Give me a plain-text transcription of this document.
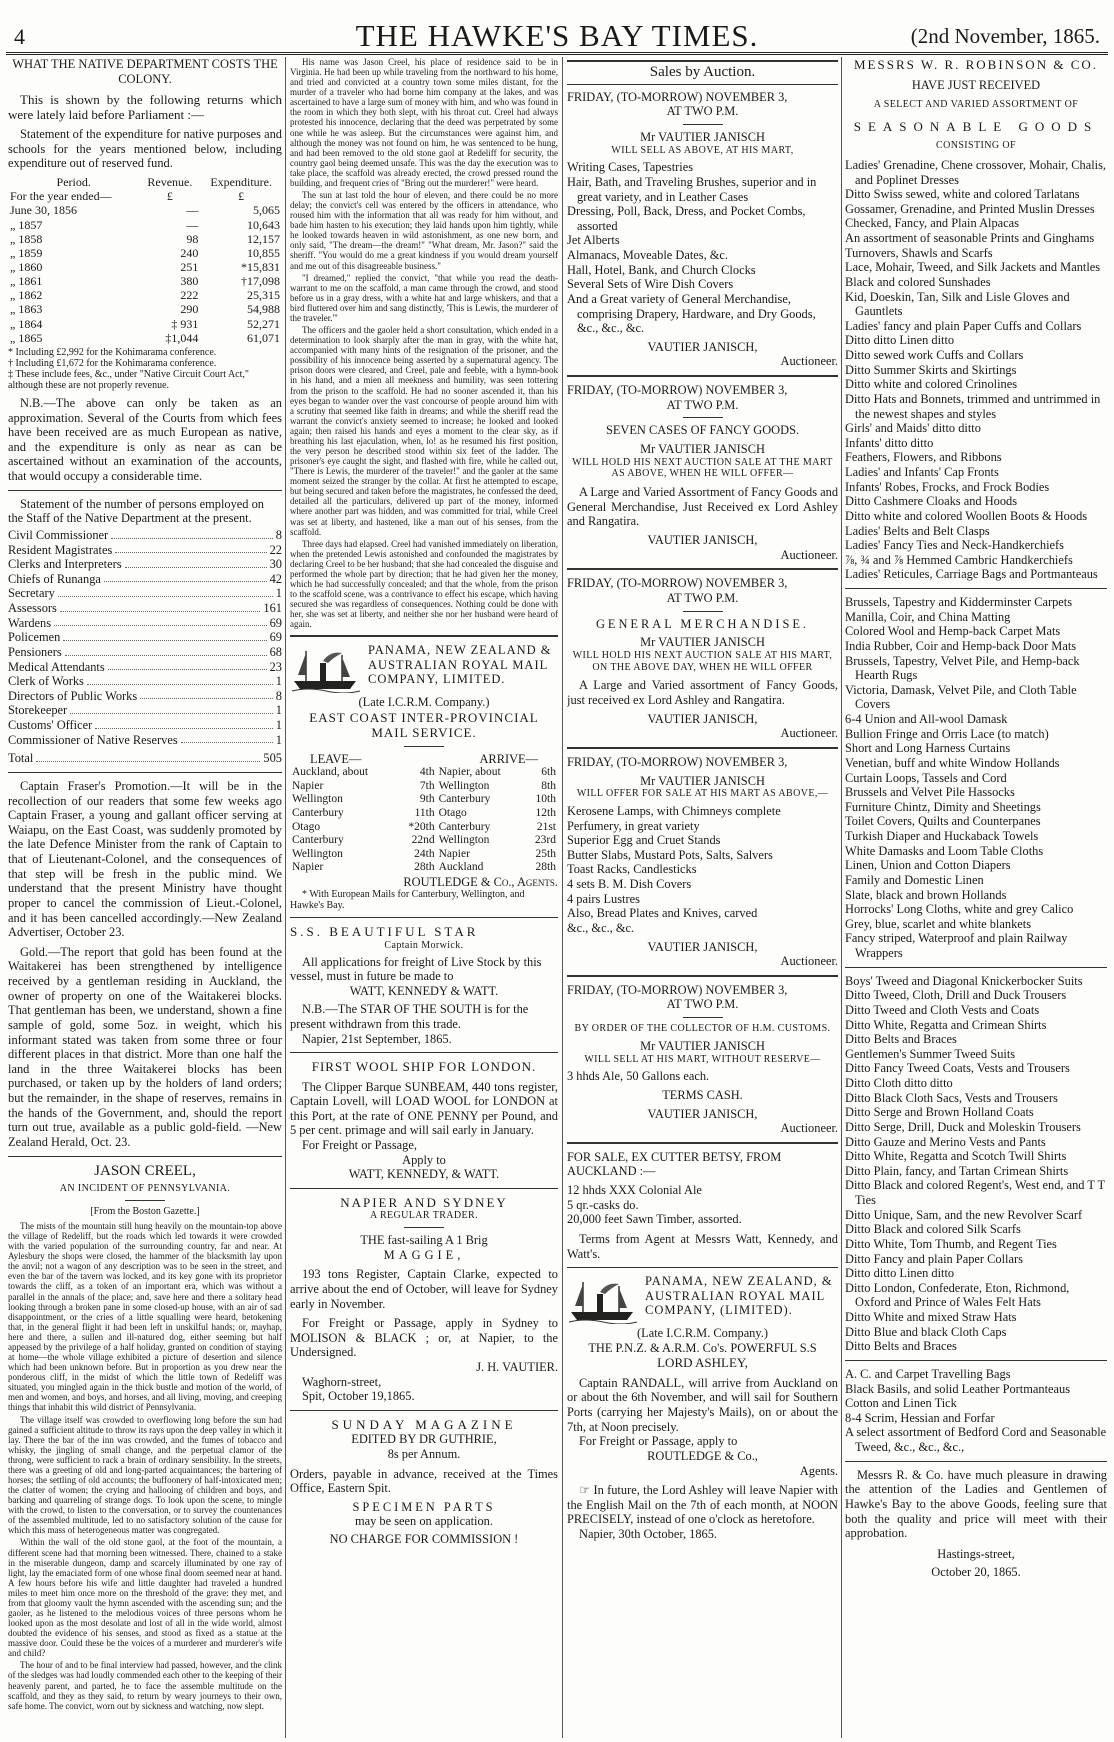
4	THE HAWKE'S BAY TIMES.	(2nd November, 1865.
WHAT THE NATIVE DEPARTMENT COSTS THE COLONY.
This is shown by the following returns which were lately laid before Parliament :—
Statement of the expenditure for native purposes and schools for the years mentioned below, including expenditure out of reserved fund.
Period.	Revenue.	Expenditure.
For the year ended—	£	£
June 30, 1856	—	5,065
„ 1857	—	10,643
„ 1858	98	12,157
„ 1859	240	10,855
„ 1860	251	*15,831
„ 1861	380	†17,098
„ 1862	222	25,315
„ 1863	290	54,988
„ 1864	‡ 931	52,271
„ 1865	‡1,044	61,071
* Including £2,992 for the Kohimarama conference.
† Including £1,672 for the Kohimarama conference.
‡ These include fees, &c., under "Native Circuit Court Act," although these are not properly revenue.
N.B.—The above can only be taken as an approximation. Several of the Courts from which fees have been received are as much European as native, and the expenditure is only as near as can be ascertained without an examination of the accounts, that would occupy a considerable time.
Statement of the number of persons employed on the Staff of the Native Department at the present.
Civil Commissioner	8
Resident Magistrates	22
Clerks and Interpreters	30
Chiefs of Runanga	42
Secretary	1
Assessors	161
Wardens	69
Policemen	69
Pensioners	68
Medical Attendants	23
Clerk of Works	1
Directors of Public Works	8
Storekeeper	1
Customs' Officer	1
Commissioner of Native Reserves	1
Total	505
Captain Fraser's Promotion.—It will be in the recollection of our readers that some few weeks ago Captain Fraser, a young and gallant officer serving at Waiapu, on the East Coast, was suddenly promoted by the late Defence Minister from the rank of Captain to that of Lieutenant-Colonel, and the consequences of that step will be fresh in the public mind. We understand that the present Ministry have thought proper to cancel the commission of Lieut.-Colonel, and it has been cancelled accordingly.—New Zealand Advertiser, October 23.
Gold.—The report that gold has been found at the Waitakerei has been strengthened by intelligence received by a gentleman residing in Auckland, the owner of property on one of the Waitakerei blocks. That gentleman has been, we understand, shown a fine sample of gold, some 5oz. in weight, which his informant stated was taken from some three or four different places in that district. More than one half the land in the three Waitakerei blocks has been purchased, or taken up by the holders of land orders; but the remainder, in the shape of reserves, remains in the hands of the Government, and, should the report turn out true, available as a public gold-field. —New Zealand Herald, Oct. 23.
JASON CREEL,
AN INCIDENT OF PENNSYLVANIA.
[From the Boston Gazette.]
The mists of the mountain still hung heavily on the mountain-top above the village of Redeliff, but the roads which led towards it were crowded with the varied population of the surrounding country, far and near. At Aylesbury the shops were closed, the hammer of the blacksmith lay upon the anvil; not a wagon of any description was to be seen in the street, and even the bar of the tavern was locked, and its key gone with its proprietor towards the cliff, as a token of an important era, which was without a parallel in the annals of the place; and, save here and there a solitary head looking through a broken pane in some closed-up house, with an air of sad disappointment, or the cries of a little squalling were heard, betokening that, in the general flight it had been left in unskilful hands; or, mayhap, here and there, a sullen and ill-natured dog, either seeming but half appeased by the privilege of a half holiday, granted on condition of staying at home—the whole village exhibited a picture of desertion and silence which had been unknown before. But in proportion as you drew near the ponderous cliff, in the midst of which the little town of Redeliff was situated, you mingled again in the thick bustle and motion of the world, of men and women, and boys, and horses, and all living, moving, and creeping things that inhabit this wild district of Pennsylvania.
The village itself was crowded to overflowing long before the sun had gained a sufficient altitude to throw its rays upon the deep valley in which it lay. There the bar of the inn was crowded, and the fumes of tobacco and whisky, the jingling of small change, and the perpetual clamor of the throng, were sufficient to rack a brain of ordinary sensibility. In the streets, there was a greeting of old and long-parted acquaintances; the bartering of horses; the settling of old accounts; the buffoonery of half-intoxicated men; the clatter of women; the crying and hallooing of children and boys, and barking and quarreling of strange dogs. To look upon the scene, to mingle with the crowd, to listen to the conversation, or to survey the countenances of the assembled multitude, led to no satisfactory solution of the cause for which this mass of heterogeneous matter was congregated.
Within the wall of the old stone gaol, at the foot of the mountain, a different scene had that morning been witnessed. There, chained to a stake in the miserable dungeon, damp and scarcely illuminated by one ray of light, lay the emaciated form of one whose final doom seemed near at hand. A few hours before his wife and little daughter had traveled a hundred miles to meet him once more on the threshold of the grave: they met, and from that gloomy vault the hymn ascended with the ascending sun; and the gaoler, as he listened to the melodious voices of three persons whom he looked upon as the most desolate and lost of all in the wide world, almost doubted the evidence of his senses, and stood as fixed as a statue at the massive door. Could these be the voices of a murderer and murderer's wife and child?
The hour of and to be final interview had passed, however, and the clink of the sledges was had loudly commended each other to the keeping of their heavenly parent, and parted, he to face the assemble multitude on the scaffold, and they as they said, to return by weary journeys to their own, safe home. The convict, worn out by sickness and watching, now slept.
His name was Jason Creel, his place of residence said to be in Virginia. He had been up while traveling from the northward to his home, and tried and convicted at a country town some miles distant, for the murder of a traveler who had borne him company at the lakes, and was ascertained to have a large sum of money with him, and who was found in the room in which they both slept, with his throat cut. Creel had always protested his innocence, declaring that the deed was perpetrated by some one while he was asleep. But the circumstances were against him, and although the money was not found on him, he was sentenced to be hung, and had been removed to the old stone gaol at Redeliff for security, the country gaol being deemed unsafe. This was the day the execution was to take place, the scaffold was already erected, the crowd pressed round the building, and frequent cries of "Bring out the murderer!" were heard.
The sun at last told the hour of eleven, and there could be no more delay; the convict's cell was entered by the officers in attendance, who roused him with the information that all was ready for him without, and bade him hasten to his execution; they laid hands upon him tightly, while he looked towards heaven in wild astonishment, as one new born, and only said, "The dream—the dream!" "What dream, Mr. Jason?" said the sheriff. "You would do me a great kindness if you would dream yourself and me out of this disagreeable business."
"I dreamed," replied the convict, "that while you read the death-warrant to me on the scaffold, a man came through the crowd, and stood before us in a gray dress, with a white hat and large whiskers, and that a bird fluttered over him and sang distinctly, 'This is Lewis, the murderer of the traveler.'"
The officers and the gaoler held a short consultation, which ended in a determination to look sharply after the man in gray, with the white hat, accompanied with many hints of the resignation of the prisoner, and the possibility of his innocence being asserted by a supernatural agency. The prison doors were cleared, and Creel, pale and feeble, with a hymn-book in his hand, and a mien all meekness and humility, was seen tottering from the prison to the scaffold. He had no sooner ascended it, than his eyes began to wander over the vast concourse of people around him with a scrutiny that seemed like faith in dreams; and while the sheriff read the warrant the convict's anxiety seemed to increase; he looked and looked again; then raised his hands and eyes a moment to the clear sky, as if breathing his last ejaculation, when, lo! as he resumed his first position, the very person he described stood within six feet of the ladder. The prisoner's eye caught the sight, and flashed with fire, while he called out, "There is Lewis, the murderer of the traveler!" and the gaoler at the same moment seized the stranger by the collar. At first he attempted to escape, but being secured and taken before the magistrates, he confessed the deed, detailed all the particulars, delivered up part of the money, informed where another part was hidden, and was committed for trial, while Creel was set at liberty, and hastened, like a man out of his senses, from the scaffold.
Three days had elapsed. Creel had vanished immediately on liberation, when the pretended Lewis astonished and confounded the magistrates by declaring Creel to be her husband; that she had concealed the disguise and performed the whole part by direction; that he had given her the money, which he had successfully concealed; and that the whole, from the prison to the scaffold scene, was a contrivance to effect his escape, which having secured she was regardless of consequences. Nothing could be done with her, she was set at liberty, and neither she nor her husband were heard of again.
PANAMA, NEW ZEALAND & AUSTRALIAN ROYAL MAIL COMPANY, LIMITED.
(Late I.C.R.M. Company.)
EAST COAST INTER-PROVINCIAL MAIL SERVICE.
LEAVE—	ARRIVE—
Auckland, about	4th	Napier, about	6th
Napier	7th	Wellington	8th
Wellington	9th	Canterbury	10th
Canterbury	11th	Otago	12th
Otago	*20th	Canterbury	21st
Canterbury	22nd	Wellington	23rd
Wellington	24th	Napier	25th
Napier	28th	Auckland	28th
ROUTLEDGE & Co., Agents.
* With European Mails for Canterbury, Wellington, and Hawke's Bay.
S.S. BEAUTIFUL STAR
Captain Morwick.
All applications for freight of Live Stock by this vessel, must in future be made to
WATT, KENNEDY & WATT.
N.B.—The STAR OF THE SOUTH is for the present withdrawn from this trade.
Napier, 21st September, 1865.
FIRST WOOL SHIP FOR LONDON.
The Clipper Barque SUNBEAM, 440 tons register, Captain Lovell, will LOAD WOOL for LONDON at this Port, at the rate of ONE PENNY per Pound, and 5 per cent. primage and will sail early in January.
For Freight or Passage,
Apply to
WATT, KENNEDY, & WATT.
NAPIER AND SYDNEY
A REGULAR TRADER.
THE fast-sailing A 1 Brig
MAGGIE,
193 tons Register, Captain Clarke, expected to arrive about the end of October, will leave for Sydney early in November.
For Freight or Passage, apply in Sydney to MOLISON & BLACK ; or, at Napier, to the Undersigned.
J. H. VAUTIER.
Waghorn-street,
Spit, October 19,1865.
SUNDAY MAGAZINE
EDITED BY DR GUTHRIE,
8s per Annum.
Orders, payable in advance, received at the Times Office, Eastern Spit.
SPECIMEN PARTS
may be seen on application.
NO CHARGE FOR COMMISSION !
Sales by Auction.
FRIDAY, (TO-MORROW) NOVEMBER 3,
AT TWO P.M.
Mr VAUTIER JANISCH
WILL SELL AS ABOVE, AT HIS MART,
Writing Cases, Tapestries
Hair, Bath, and Traveling Brushes, superior and in great variety, and in Leather Cases
Dressing, Poll, Back, Dress, and Pocket Combs, assorted
Jet Alberts
Almanacs, Moveable Dates, &c.
Hall, Hotel, Bank, and Church Clocks
Several Sets of Wire Dish Covers
And a Great variety of General Merchandise, comprising Drapery, Hardware, and Dry Goods, &c., &c., &c.
VAUTIER JANISCH,
Auctioneer.
FRIDAY, (TO-MORROW) NOVEMBER 3,
AT TWO P.M.
SEVEN CASES OF FANCY GOODS.
Mr VAUTIER JANISCH
WILL HOLD HIS NEXT AUCTION SALE AT THE MART AS ABOVE, WHEN HE WILL OFFER—
A Large and Varied Assortment of Fancy Goods and General Merchandise, Just Received ex Lord Ashley and Rangatira.
VAUTIER JANISCH,
Auctioneer.
FRIDAY, (TO-MORROW) NOVEMBER 3,
AT TWO P.M.
GENERAL MERCHANDISE.
Mr VAUTIER JANISCH
WILL HOLD HIS NEXT AUCTION SALE AT HIS MART, ON THE ABOVE DAY, WHEN HE WILL OFFER
A Large and Varied assortment of Fancy Goods, just received ex Lord Ashley and Rangatira.
VAUTIER JANISCH,
Auctioneer.
FRIDAY, (TO-MORROW) NOVEMBER 3,
Mr VAUTIER JANISCH
WILL OFFER FOR SALE AT HIS MART AS ABOVE,—
Kerosene Lamps, with Chimneys complete
Perfumery, in great variety
Superior Egg and Cruet Stands
Butter Slabs, Mustard Pots, Salts, Salvers
Toast Racks, Candlesticks
4 sets B. M. Dish Covers
4 pairs Lustres
Also, Bread Plates and Knives, carved
&c., &c., &c.
VAUTIER JANISCH,
Auctioneer.
FRIDAY, (TO-MORROW) NOVEMBER 3,
AT TWO P.M.
BY ORDER OF THE COLLECTOR OF H.M. CUSTOMS.
Mr VAUTIER JANISCH
WILL SELL AT HIS MART, WITHOUT RESERVE—
3 hhds Ale, 50 Gallons each.
TERMS CASH.
VAUTIER JANISCH,
Auctioneer.
FOR SALE, EX CUTTER BETSY, FROM AUCKLAND :—
12 hhds XXX Colonial Ale
5 qr.-casks do.
20,000 feet Sawn Timber, assorted.
Terms from Agent at Messrs Watt, Kennedy, and Watt's.
PANAMA, NEW ZEALAND, & AUSTRALIAN ROYAL MAIL COMPANY, (LIMITED).
(Late I.C.R.M. Company.)
THE P.N.Z. & A.R.M. Co's. POWERFUL S.S
LORD ASHLEY,
Captain RANDALL, will arrive from Auckland on or about the 6th November, and will sail for Southern Ports (carrying her Majesty's Mails), on or about the 7th, at Noon precisely.
For Freight or Passage, apply to
ROUTLEDGE & Co.,
Agents.
☞ In future, the Lord Ashley will leave Napier with the English Mail on the 7th of each month, at NOON PRECISELY, instead of one o'clock as heretofore.
Napier, 30th October, 1865.
MESSRS W. R. ROBINSON & CO.
HAVE JUST RECEIVED
A SELECT AND VARIED ASSORTMENT OF
SEASONABLE GOODS
CONSISTING OF
Ladies' Grenadine, Chene crossover, Mohair, Chalis, and Poplinet Dresses
Ditto Swiss sewed, white and colored Tarlatans
Gossamer, Grenadine, and Printed Muslin Dresses
Checked, Fancy, and Plain Alpacas
An assortment of seasonable Prints and Ginghams
Turnovers, Shawls and Scarfs
Lace, Mohair, Tweed, and Silk Jackets and Mantles
Black and colored Sunshades
Kid, Doeskin, Tan, Silk and Lisle Gloves and Gauntlets
Ladies' fancy and plain Paper Cuffs and Collars
Ditto ditto Linen ditto
Ditto sewed work Cuffs and Collars
Ditto Summer Skirts and Skirtings
Ditto white and colored Crinolines
Ditto Hats and Bonnets, trimmed and untrimmed in the newest shapes and styles
Girls' and Maids' ditto ditto
Infants' ditto ditto
Feathers, Flowers, and Ribbons
Ladies' and Infants' Cap Fronts
Infants' Robes, Frocks, and Frock Bodies
Ditto Cashmere Cloaks and Hoods
Ditto white and colored Woollen Boots & Hoods
Ladies' Belts and Belt Clasps
Ladies' Fancy Ties and Neck-Handkerchiefs
⅞, ¾ and ⅞ Hemmed Cambric Handkerchiefs
Ladies' Reticules, Carriage Bags and Portmanteaus
Brussels, Tapestry and Kidderminster Carpets
Manilla, Coir, and China Matting
Colored Wool and Hemp-back Carpet Mats
India Rubber, Coir and Hemp-back Door Mats
Brussels, Tapestry, Velvet Pile, and Hemp-back Hearth Rugs
Victoria, Damask, Velvet Pile, and Cloth Table Covers
6-4 Union and All-wool Damask
Bullion Fringe and Orris Lace (to match)
Short and Long Harness Curtains
Venetian, buff and white Window Hollands
Curtain Loops, Tassels and Cord
Brussels and Velvet Pile Hassocks
Furniture Chintz, Dimity and Sheetings
Toilet Covers, Quilts and Counterpanes
Turkish Diaper and Huckaback Towels
White Damasks and Loom Table Cloths
Linen, Union and Cotton Diapers
Family and Domestic Linen
Slate, black and brown Hollands
Horrocks' Long Cloths, white and grey Calico
Grey, blue, scarlet and white blankets
Fancy striped, Waterproof and plain Railway Wrappers
Boys' Tweed and Diagonal Knickerbocker Suits
Ditto Tweed, Cloth, Drill and Duck Trousers
Ditto Tweed and Cloth Vests and Coats
Ditto White, Regatta and Crimean Shirts
Ditto Belts and Braces
Gentlemen's Summer Tweed Suits
Ditto Fancy Tweed Coats, Vests and Trousers
Ditto Cloth ditto ditto
Ditto Black Cloth Sacs, Vests and Trousers
Ditto Serge and Brown Holland Coats
Ditto Serge, Drill, Duck and Moleskin Trousers
Ditto Gauze and Merino Vests and Pants
Ditto White, Regatta and Scotch Twill Shirts
Ditto Plain, fancy, and Tartan Crimean Shirts
Ditto Black and colored Regent's, West end, and T T Ties
Ditto Unique, Sam, and the new Revolver Scarf
Ditto Black and colored Silk Scarfs
Ditto White, Tom Thumb, and Regent Ties
Ditto Fancy and plain Paper Collars
Ditto ditto Linen ditto
Ditto London, Confederate, Eton, Richmond, Oxford and Prince of Wales Felt Hats
Ditto White and mixed Straw Hats
Ditto Blue and black Cloth Caps
Ditto Belts and Braces
A. C. and Carpet Travelling Bags
Black Basils, and solid Leather Portmanteaus
Cotton and Linen Tick
8-4 Scrim, Hessian and Forfar
A select assortment of Bedford Cord and Seasonable Tweed, &c., &c., &c.,
Messrs R. & Co. have much pleasure in drawing the attention of the Ladies and Gentlemen of Hawke's Bay to the above Goods, feeling sure that both the quality and price will meet with their approbation.
Hastings-street,
October 20, 1865.
